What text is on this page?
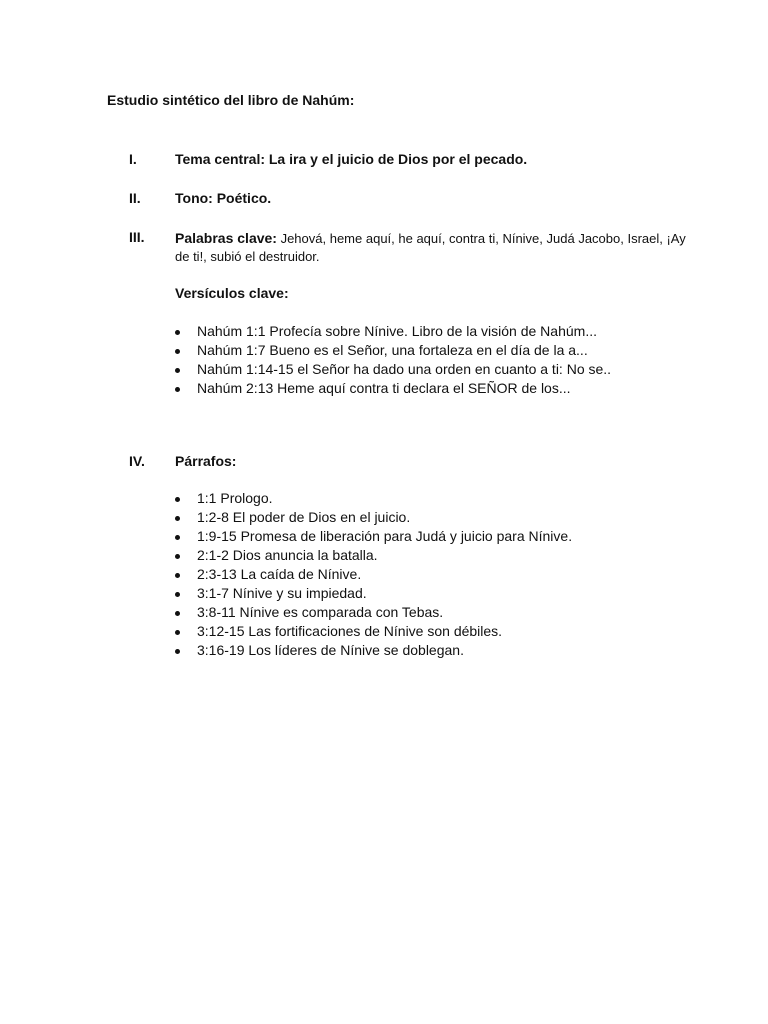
Estudio sintético del libro de Nahúm:
I.	Tema central: La ira y el juicio de Dios por el pecado.
II. Tono: Poético.
III. Palabras clave: Jehová, heme aquí, he aquí, contra ti, Nínive, Judá Jacobo, Israel, ¡Ay de ti!, subió el destruidor.
Versículos clave:
Nahúm 1:1 Profecía sobre Nínive. Libro de la visión de Nahúm...
Nahúm 1:7 Bueno es el Señor, una fortaleza en el día de la a...
Nahúm 1:14-15 el Señor ha dado una orden en cuanto a ti: No se..
Nahúm 2:13 Heme aquí contra ti declara el SEÑOR de los...
IV. Párrafos:
1:1 Prologo.
1:2-8 El poder de Dios en el juicio.
1:9-15 Promesa de liberación para Judá y juicio para Nínive.
2:1-2 Dios anuncia la batalla.
2:3-13 La caída de Nínive.
3:1-7 Nínive y su impiedad.
3:8-11 Nínive es comparada con Tebas.
3:12-15 Las fortificaciones de Nínive son débiles.
3:16-19 Los líderes de Nínive se doblegan.
